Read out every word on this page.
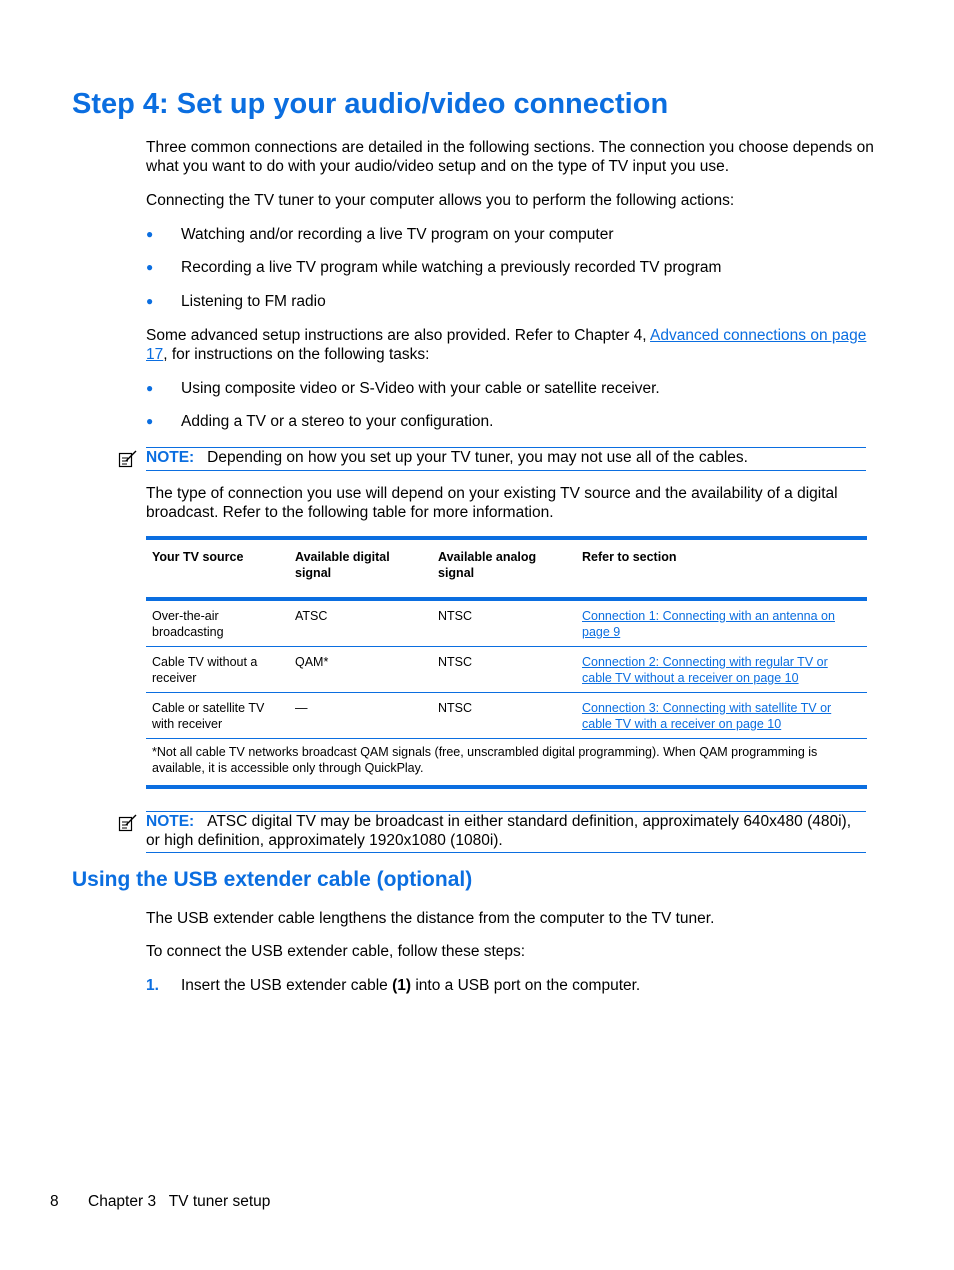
Step 4: Set up your audio/video connection
Three common connections are detailed in the following sections. The connection you choose depends on what you want to do with your audio/video setup and on the type of TV input you use.
Connecting the TV tuner to your computer allows you to perform the following actions:
● Watching and/or recording a live TV program on your computer
● Recording a live TV program while watching a previously recorded TV program
● Listening to FM radio
Some advanced setup instructions are also provided. Refer to Chapter 4, Advanced connections on page 17, for instructions on the following tasks:
● Using composite video or S-Video with your cable or satellite receiver.
● Adding a TV or a stereo to your configuration.
NOTE: Depending on how you set up your TV tuner, you may not use all of the cables.
The type of connection you use will depend on your existing TV source and the availability of a digital broadcast. Refer to the following table for more information.
Your TV source	Available digital signal	Available analog signal	Refer to section
Over-the-air broadcasting	ATSC	NTSC	Connection 1: Connecting with an antenna on page 9
Cable TV without a receiver	QAM*	NTSC	Connection 2: Connecting with regular TV or cable TV without a receiver on page 10
Cable or satellite TV with receiver	—	NTSC	Connection 3: Connecting with satellite TV or cable TV with a receiver on page 10
*Not all cable TV networks broadcast QAM signals (free, unscrambled digital programming). When QAM programming is available, it is accessible only through QuickPlay.			
NOTE: ATSC digital TV may be broadcast in either standard definition, approximately 640x480 (480i), or high definition, approximately 1920x1080 (1080i).
Using the USB extender cable (optional)
The USB extender cable lengthens the distance from the computer to the TV tuner.
To connect the USB extender cable, follow these steps:
1. Insert the USB extender cable (1) into a USB port on the computer.
8 Chapter 3   TV tuner setup
